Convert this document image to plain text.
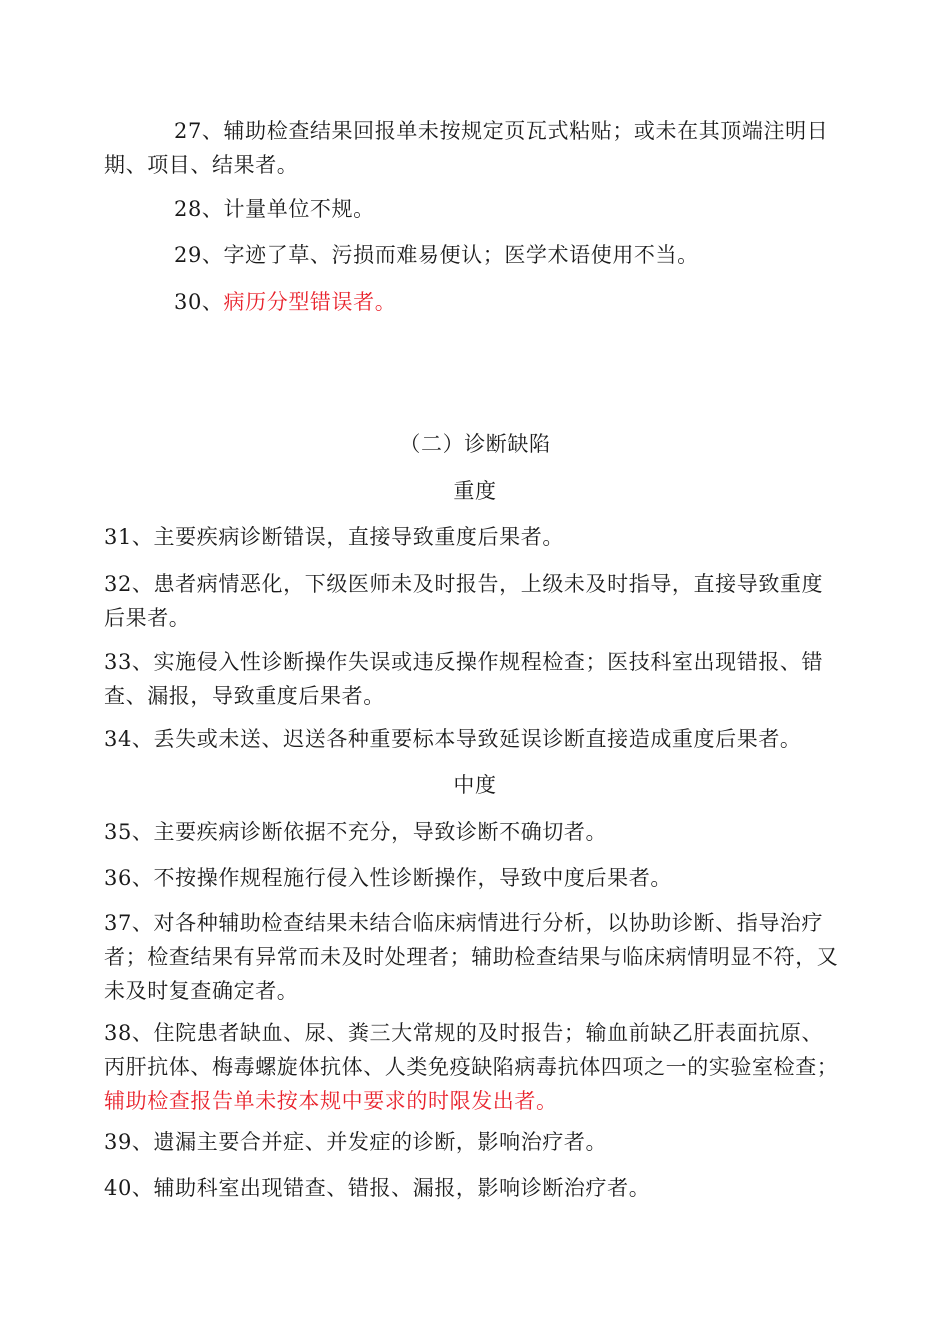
27、辅助检查结果回报单未按规定页瓦式粘贴；或未在其顶端注明日期、项目、结果者。

28、计量单位不规。

29、字迹了草、污损而难易便认；医学术语使用不当。

30、病历分型错误者。

（二）诊断缺陷

重度

31、主要疾病诊断错误，直接导致重度后果者。

32、患者病情恶化，下级医师未及时报告，上级未及时指导，直接导致重度后果者。

33、实施侵入性诊断操作失误或违反操作规程检查；医技科室出现错报、错查、漏报，导致重度后果者。

34、丢失或未送、迟送各种重要标本导致延误诊断直接造成重度后果者。

中度

35、主要疾病诊断依据不充分，导致诊断不确切者。

36、不按操作规程施行侵入性诊断操作，导致中度后果者。

37、对各种辅助检查结果未结合临床病情进行分析，以协助诊断、指导治疗者；检查结果有异常而未及时处理者；辅助检查结果与临床病情明显不符，又未及时复查确定者。

38、住院患者缺血、尿、粪三大常规的及时报告；输血前缺乙肝表面抗原、丙肝抗体、梅毒螺旋体抗体、人类免疫缺陷病毒抗体四项之一的实验室检查；辅助检查报告单未按本规中要求的时限发出者。

39、遗漏主要合并症、并发症的诊断，影响治疗者。

40、辅助科室出现错查、错报、漏报，影响诊断治疗者。
